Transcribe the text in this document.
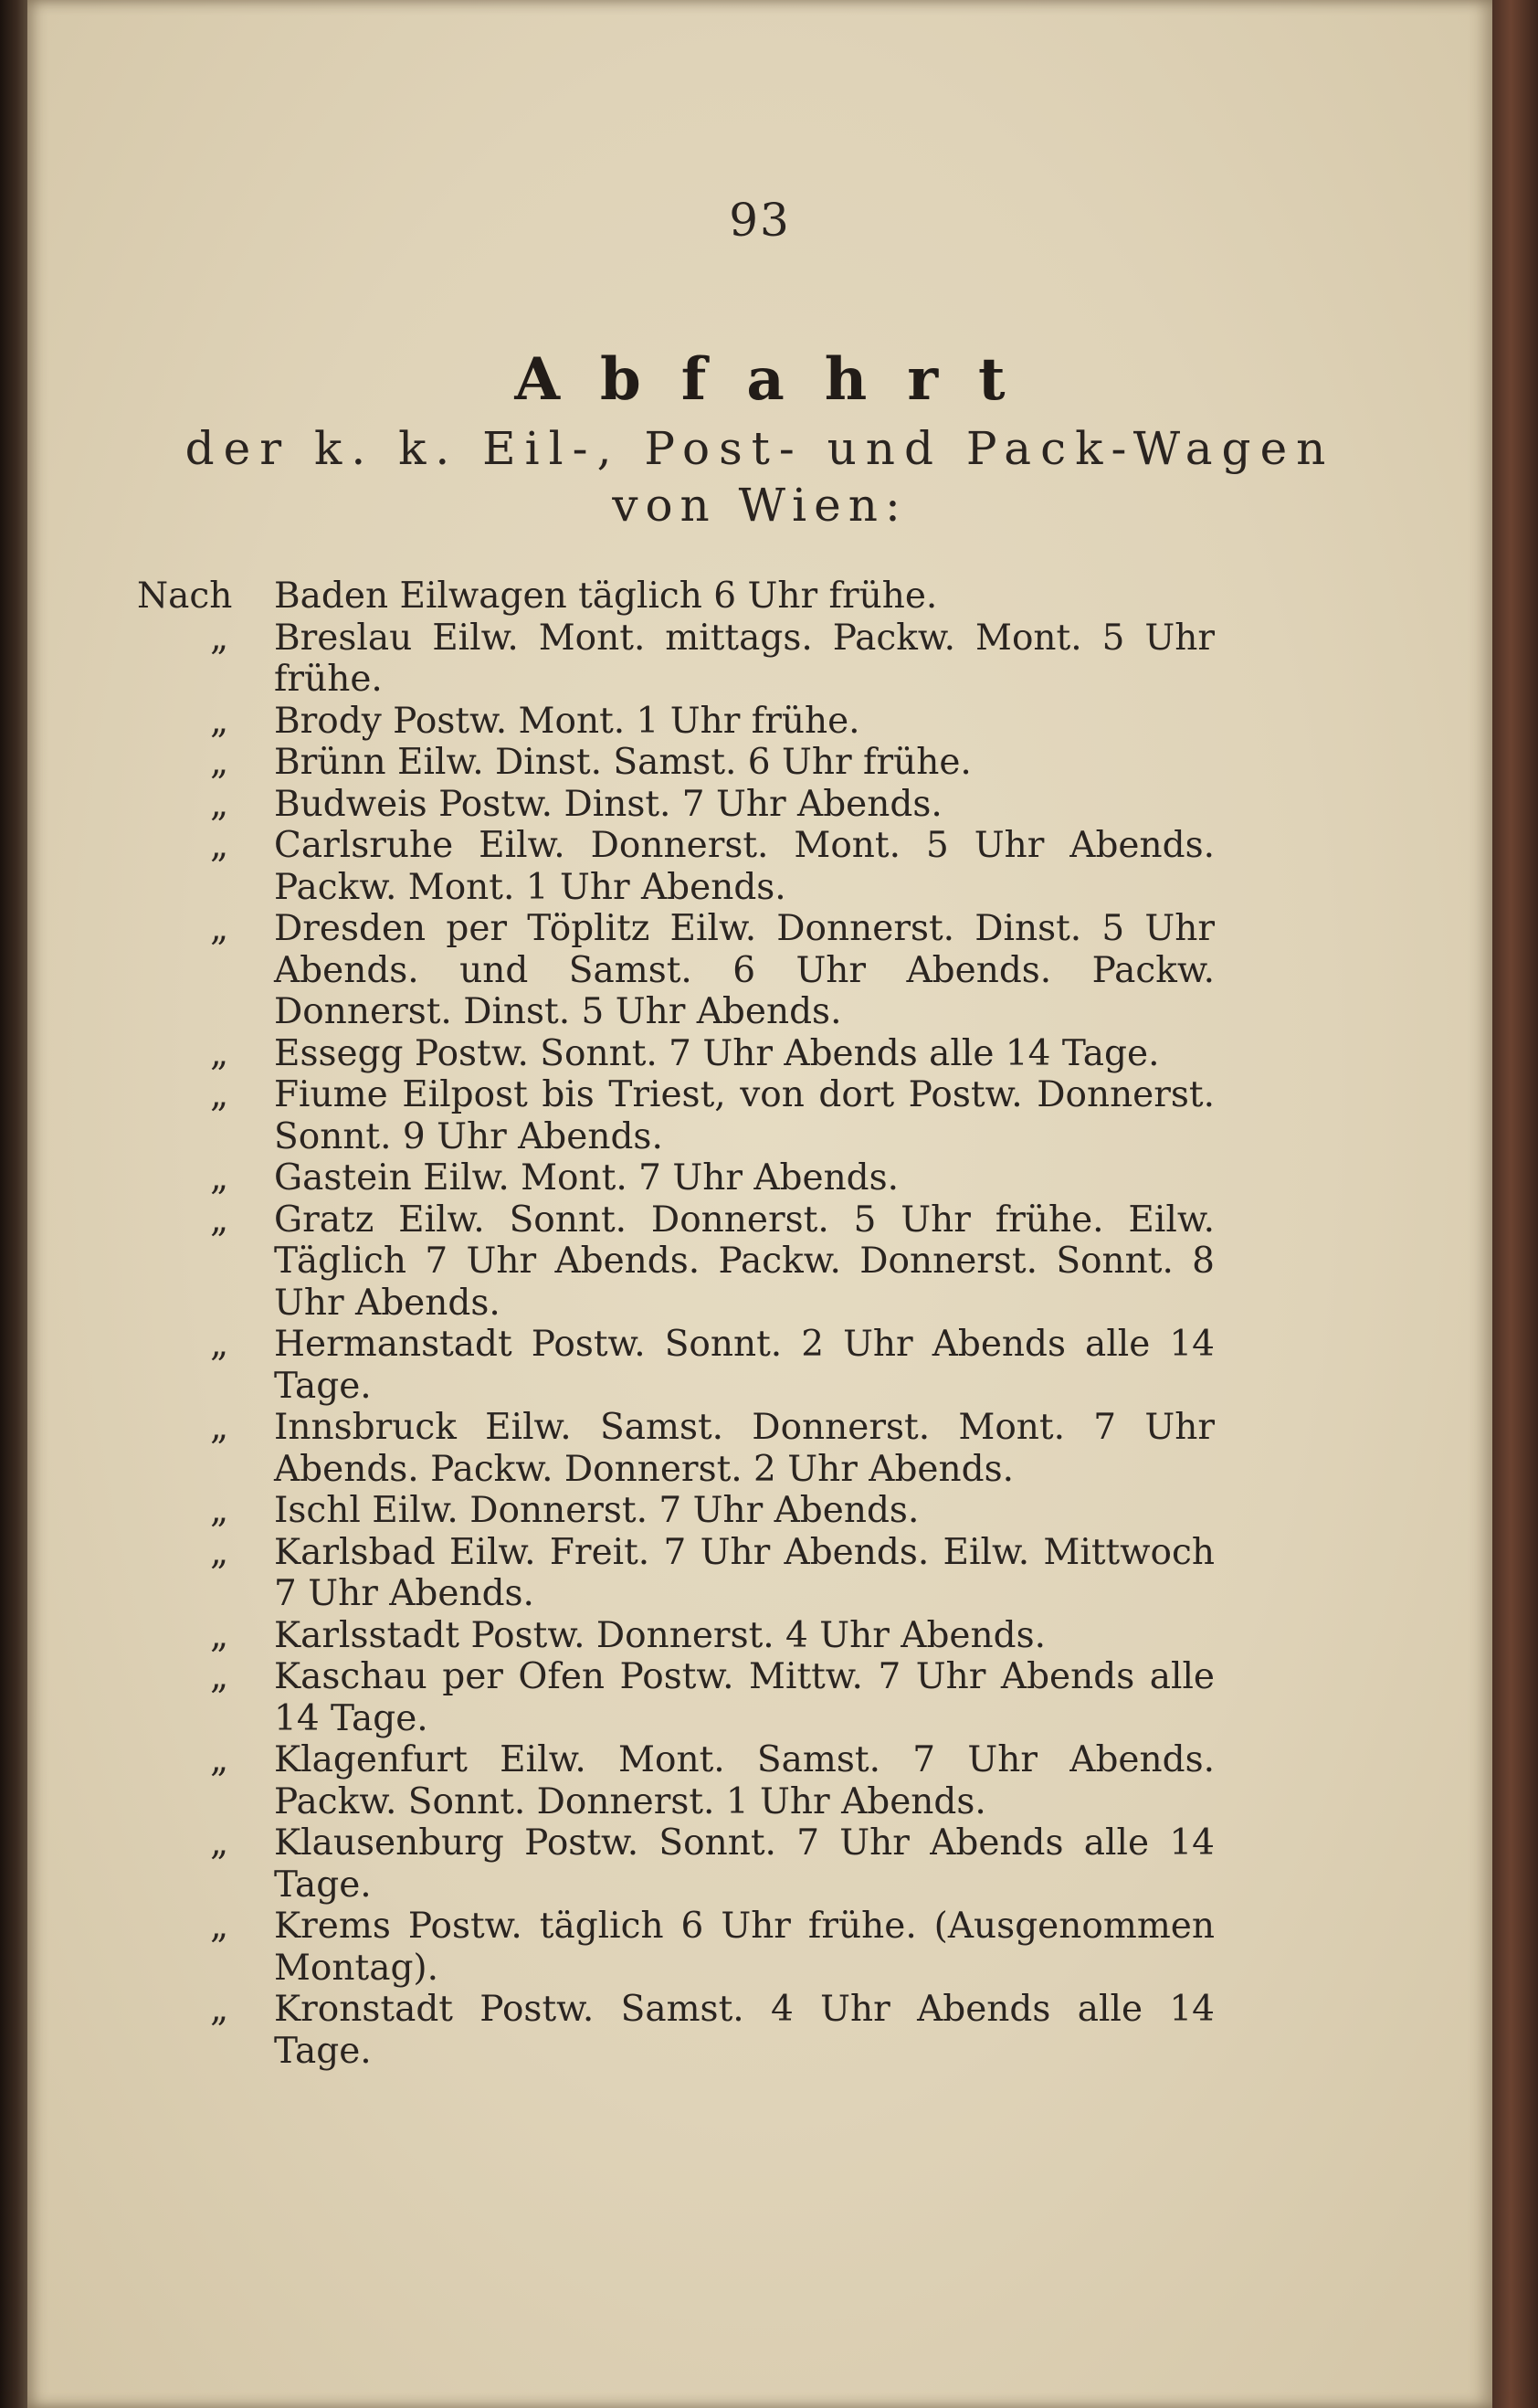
93
Abfahrt
der k. k. Eil-, Post- und Pack-Wagen
von Wien:
Nach	Baden Eilwagen täglich 6 Uhr frühe.
„	Breslau Eilw. Mont. mittags. Packw. Mont. 5 Uhr frühe.
„	Brody Postw. Mont. 1 Uhr frühe.
„	Brünn Eilw. Dinst. Samst. 6 Uhr frühe.
„	Budweis Postw. Dinst. 7 Uhr Abends.
„	Carlsruhe Eilw. Donnerst. Mont. 5 Uhr Abends. Packw. Mont. 1 Uhr Abends.
„	Dresden per Töplitz Eilw. Donnerst. Dinst. 5 Uhr Abends. und Samst. 6 Uhr Abends. Packw. Donnerst. Dinst. 5 Uhr Abends.
„	Essegg Postw. Sonnt. 7 Uhr Abends alle 14 Tage.
„	Fiume Eilpost bis Triest, von dort Postw. Donnerst. Sonnt. 9 Uhr Abends.
„	Gastein Eilw. Mont. 7 Uhr Abends.
„	Gratz Eilw. Sonnt. Donnerst. 5 Uhr frühe. Eilw. Täglich 7 Uhr Abends. Packw. Donnerst. Sonnt. 8 Uhr Abends.
„	Hermanstadt Postw. Sonnt. 2 Uhr Abends alle 14 Tage.
„	Innsbruck Eilw. Samst. Donnerst. Mont. 7 Uhr Abends. Packw. Donnerst. 2 Uhr Abends.
„	Ischl Eilw. Donnerst. 7 Uhr Abends.
„	Karlsbad Eilw. Freit. 7 Uhr Abends. Eilw. Mittwoch 7 Uhr Abends.
„	Karlsstadt Postw. Donnerst. 4 Uhr Abends.
„	Kaschau per Ofen Postw. Mittw. 7 Uhr Abends alle 14 Tage.
„	Klagenfurt Eilw. Mont. Samst. 7 Uhr Abends. Packw. Sonnt. Donnerst. 1 Uhr Abends.
„	Klausenburg Postw. Sonnt. 7 Uhr Abends alle 14 Tage.
„	Krems Postw. täglich 6 Uhr frühe. (Ausgenommen Montag).
„	Kronstadt Postw. Samst. 4 Uhr Abends alle 14 Tage.
